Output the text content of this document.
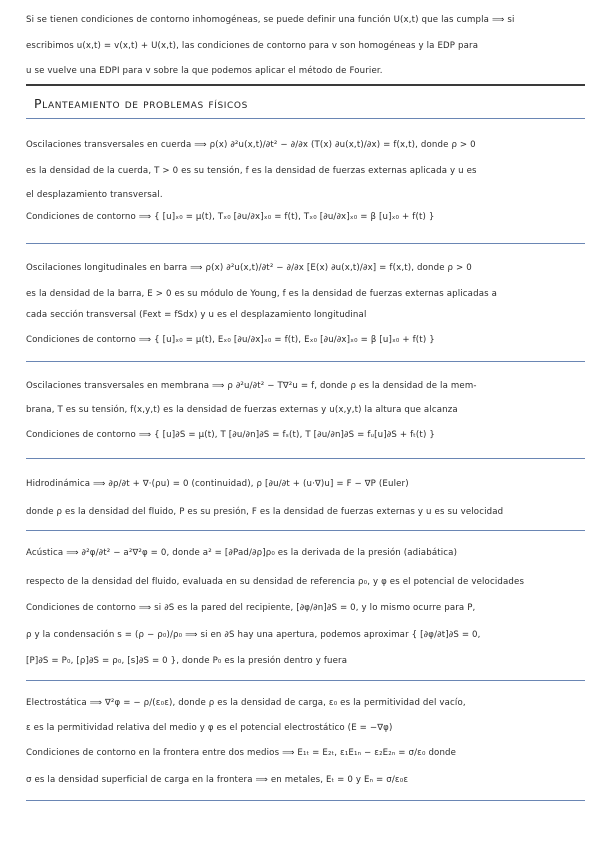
Si se tienen condiciones de contorno inhomogéneas, se puede definir una función U(x,t) que las cumpla ⟹ si
escribimos u(x,t) = v(x,t) + U(x,t), las condiciones de contorno para v son homogéneas y la EDP para
u se vuelve una EDPI para v sobre la que podemos aplicar el método de Fourier.
Planteamiento de problemas físicos
Oscilaciones transversales en cuerda ⟹ ρ(x) ∂²u(x,t)/∂t² − ∂/∂x (T(x) ∂u(x,t)/∂x) = f(x,t), donde ρ > 0
es la densidad de la cuerda, T > 0 es su tensión, f es la densidad de fuerzas externas aplicada y u es
el desplazamiento transversal.
Condiciones de contorno ⟹ { [u]ₓ₀ = μ(t), Tₓ₀ [∂u/∂x]ₓ₀ = f(t), Tₓ₀ [∂u/∂x]ₓ₀ = β [u]ₓ₀ + f(t) }
Oscilaciones longitudinales en barra ⟹ ρ(x) ∂²u(x,t)/∂t² − ∂/∂x [E(x) ∂u(x,t)/∂x] = f(x,t), donde ρ > 0
es la densidad de la barra, E > 0 es su módulo de Young, f es la densidad de fuerzas externas aplicadas a
cada sección transversal (Fext = fSdx) y u es el desplazamiento longitudinal
Condiciones de contorno ⟹ { [u]ₓ₀ = μ(t), Eₓ₀ [∂u/∂x]ₓ₀ = f(t), Eₓ₀ [∂u/∂x]ₓ₀ = β [u]ₓ₀ + f(t) }
Oscilaciones transversales en membrana ⟹ ρ ∂²u/∂t² − T∇²u = f, donde ρ es la densidad de la mem-
brana, T es su tensión, f(x,y,t) es la densidad de fuerzas externas y u(x,y,t) la altura que alcanza
Condiciones de contorno ⟹ { [u]∂S = μ(t), T [∂u/∂n]∂S = fₛ(t), T [∂u/∂n]∂S = fᵤ[u]∂S + fₜ(t) }
Hidrodinámica ⟹ ∂ρ/∂t + ∇·(ρu) = 0 (continuidad), ρ [∂u/∂t + (u·∇)u] = F − ∇P (Euler)
donde ρ es la densidad del fluido, P es su presión, F es la densidad de fuerzas externas y u es su velocidad
Acústica ⟹ ∂²φ/∂t² − a²∇²φ = 0, donde a² = [∂Pad/∂ρ]ρ₀ es la derivada de la presión (adiabática)
respecto de la densidad del fluido, evaluada en su densidad de referencia ρ₀, y φ es el potencial de velocidades
Condiciones de contorno ⟹ si ∂S es la pared del recipiente, [∂φ/∂n]∂S = 0, y lo mismo ocurre para P,
ρ y la condensación s = (ρ − ρ₀)/ρ₀ ⟹ si en ∂S hay una apertura, podemos aproximar { [∂φ/∂t]∂S = 0,
[P]∂S = P₀, [ρ]∂S = ρ₀, [s]∂S = 0 }, donde P₀ es la presión dentro y fuera
Electrostática ⟹ ∇²φ = − ρ/(ε₀ε), donde ρ es la densidad de carga, ε₀ es la permitividad del vacío,
ε es la permitividad relativa del medio y φ es el potencial electrostático (E = −∇φ)
Condiciones de contorno en la frontera entre dos medios ⟹ E₁ₜ = E₂ₜ, ε₁E₁ₙ − ε₂E₂ₙ = σ/ε₀ donde
σ es la densidad superficial de carga en la frontera ⟹ en metales, Eₜ = 0 y Eₙ = σ/ε₀ε
